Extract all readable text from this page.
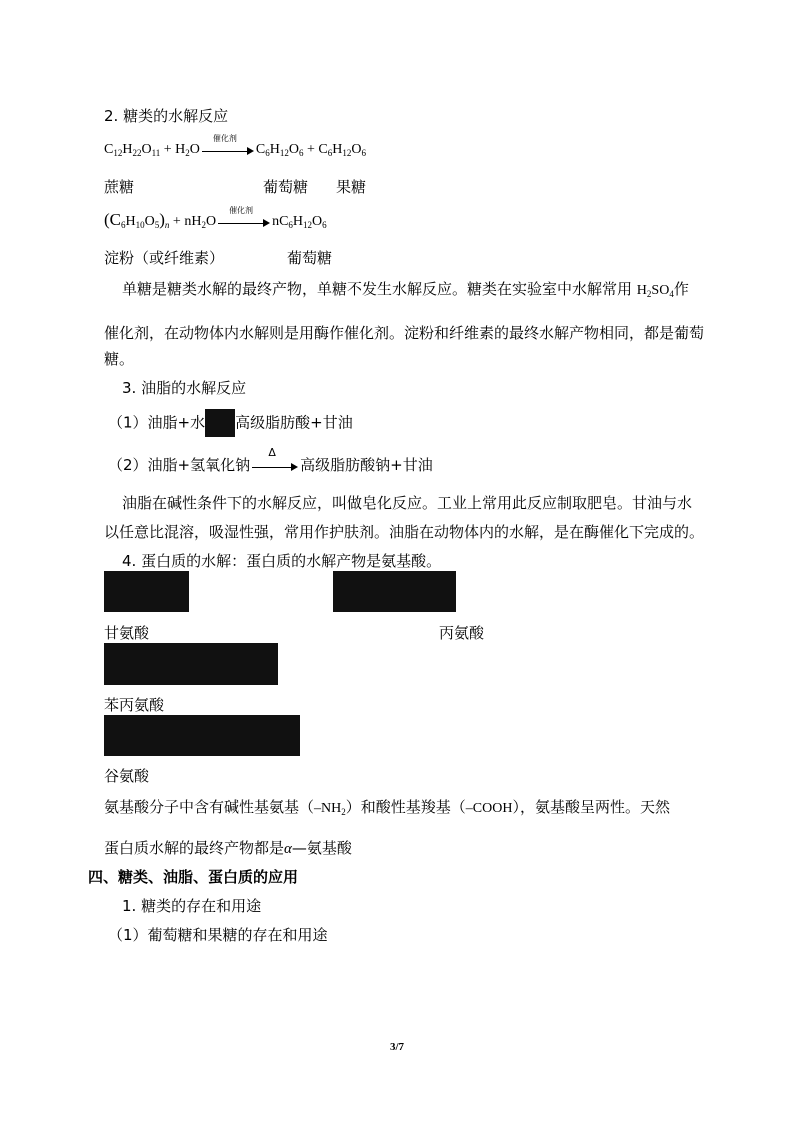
2. 糖类的水解反应
$C_{12}H_{22}O_{11} + H_2O$
催化剂
$C_6H_{12}O_6 + C_6H_{12}O_6$
蔗糖	葡萄糖 果糖
$(C_6H_{10}O_5)_n + nH_2O$
催化剂
$nC_6H_{12}O_6$
淀粉（或纤维素）	葡萄糖
单糖是糖类水解的最终产物，单糖不发生水解反应。糖类在实验室中水解常用 $H_2SO_4$作
催化剂，在动物体内水解则是用酶作催化剂。淀粉和纤维素的最终水解产物相同，都是葡萄
糖。
3. 油脂的水解反应
（1）油脂+水 高级脂肪酸+甘油
（2）油脂+氢氧化钠
Δ
高级脂肪酸钠+甘油
油脂在碱性条件下的水解反应，叫做皂化反应。工业上常用此反应制取肥皂。甘油与水
以任意比混溶，吸湿性强，常用作护肤剂。油脂在动物体内的水解，是在酶催化下完成的。
4. 蛋白质的水解：蛋白质的水解产物是氨基酸。
甘氨酸	丙氨酸
苯丙氨酸
谷氨酸
氨基酸分子中含有碱性基氨基$(-NH_2)$和酸性基羧基（–COOH），氨基酸呈两性。天然
蛋白质水解的最终产物都是α—氨基酸
四、糖类、油脂、蛋白质的应用
1. 糖类的存在和用途
（1）葡萄糖和果糖的存在和用途
3/7
